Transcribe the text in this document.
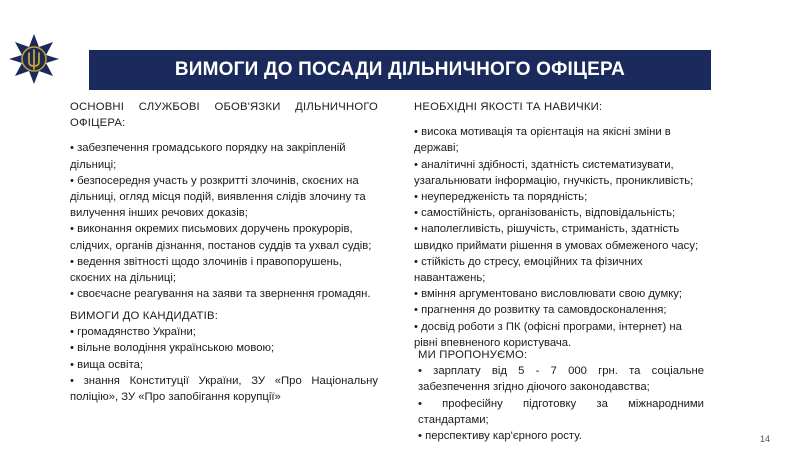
ВИМОГИ ДО ПОСАДИ ДІЛЬНИЧНОГО ОФІЦЕРА

ОСНОВНІ СЛУЖБОВІ ОБОВ'ЯЗКИ ДІЛЬНИЧНОГО ОФІЦЕРА:

• забезпечення громадського порядку на закріпленій дільниці;

• безпосередня участь у розкритті злочинів, скоєних на дільниці, огляд місця подій, виявлення слідів злочину та вилучення інших речових доказів;

• виконання окремих письмових доручень прокурорів, слідчих, органів дізнання, постанов суддів та ухвал судів;

• ведення звітності щодо злочинів і правопорушень, скоєних на дільниці;

• своєчасне реагування на заяви та звернення громадян.

ВИМОГИ ДО КАНДИДАТІВ:

• громадянство України;

• вільне володіння українською мовою;

• вища освіта;

• знання Конституції України, ЗУ «Про Національну поліцію», ЗУ «Про запобігання корупції»

НЕОБХІДНІ ЯКОСТІ ТА НАВИЧКИ:

• висока мотивація та орієнтація на якісні зміни в державі;

• аналітичні здібності, здатність систематизувати, узагальнювати інформацію, гнучкість, проникливість;

• неупередженість та порядність;

• самостійність, організованість, відповідальність;

• наполегливість, рішучість, стриманість, здатність швидко приймати рішення в умовах обмеженого часу;

• стійкість до стресу, емоційних та фізичних навантажень;

• вміння аргументовано висловлювати свою думку;

• прагнення до розвитку та самовдосконалення;

• досвід роботи з ПК (офісні програми, інтернет) на рівні впевненого користувача.

МИ ПРОПОНУЄМО:

• зарплату від 5 - 7 000 грн. та соціальне забезпечення згідно діючого законодавства;

• професійну підготовку за міжнародними стандартами;

• перспективу кар'єрного росту.	14
